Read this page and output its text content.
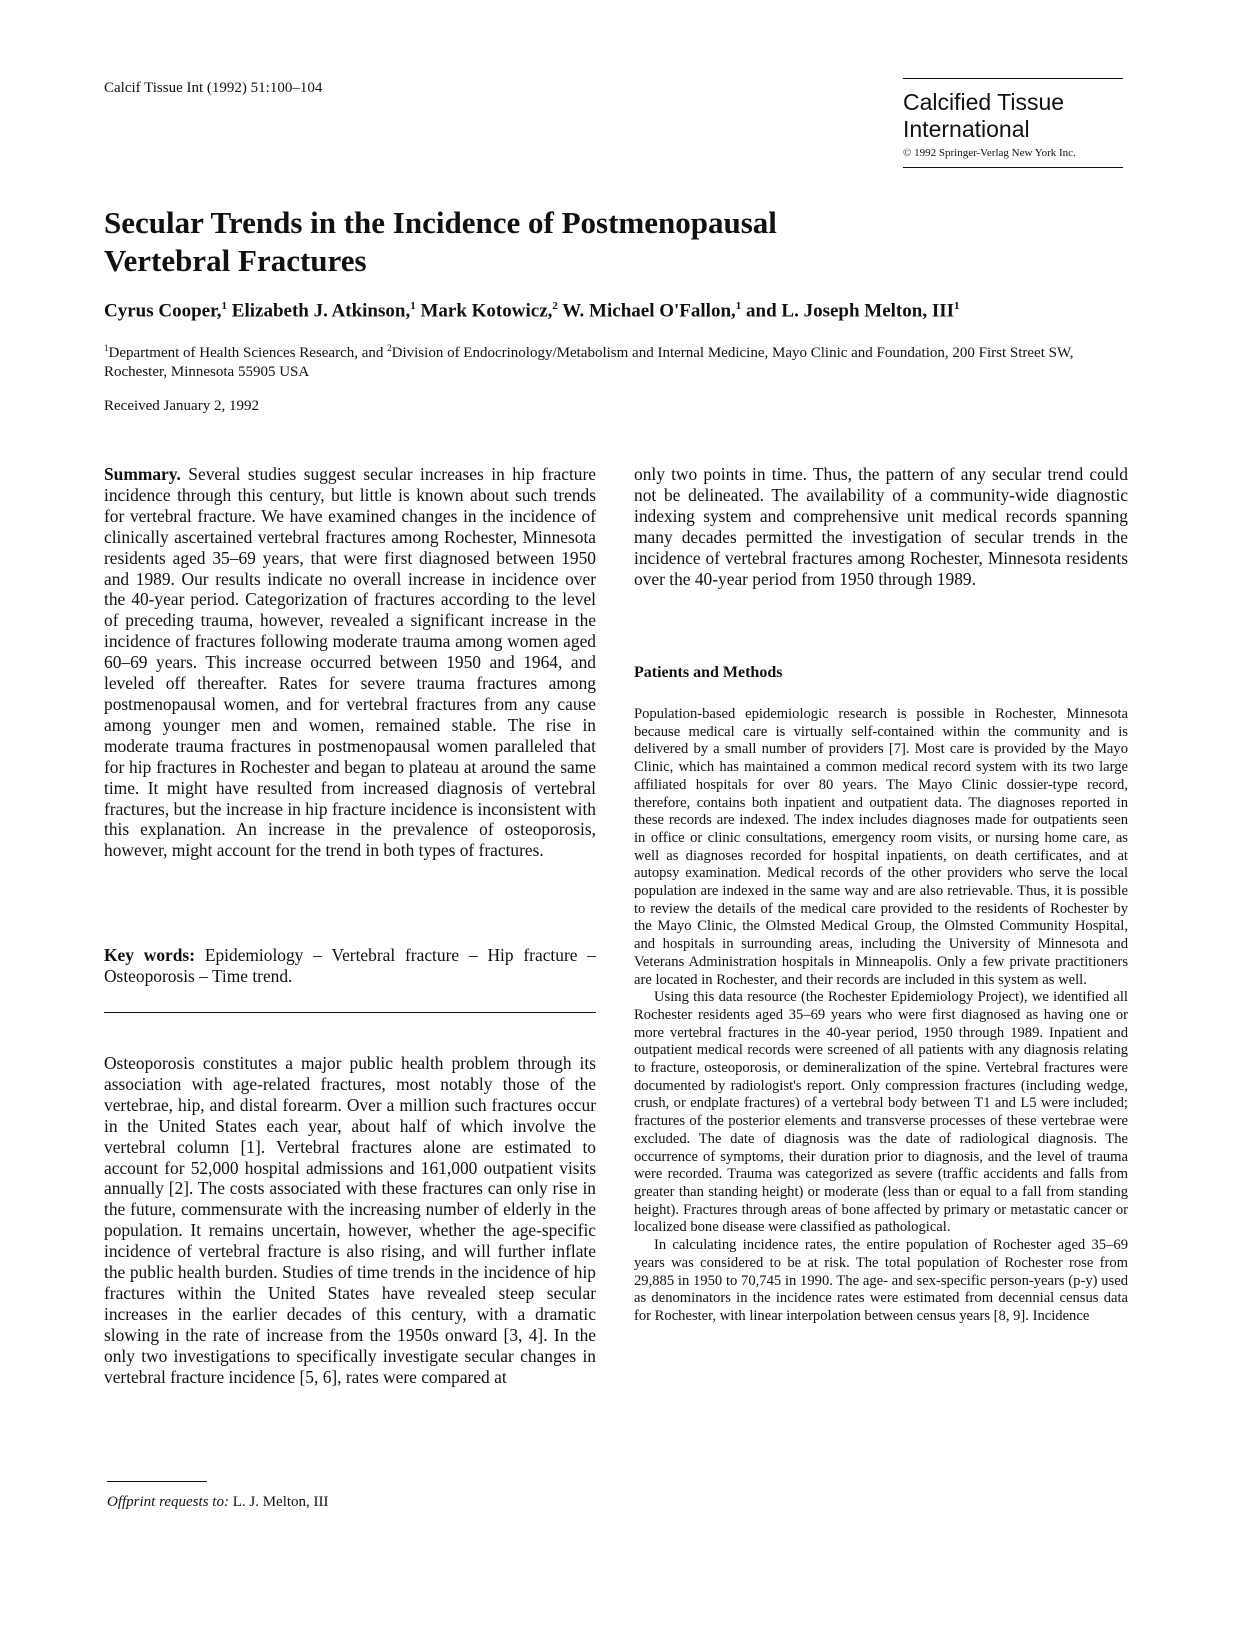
Calcif Tissue Int (1992) 51:100–104
Calcified Tissue
International
© 1992 Springer-Verlag New York Inc.
Secular Trends in the Incidence of Postmenopausal
Vertebral Fractures
Cyrus Cooper,$^1$ Elizabeth J. Atkinson,$^1$ Mark Kotowicz,$^2$ W. Michael O'Fallon,$^1$ and L. Joseph Melton, III$^1$
$^1$Department of Health Sciences Research, and $^2$Division of Endocrinology/Metabolism and Internal Medicine, Mayo Clinic and Foundation, 200 First Street SW, Rochester, Minnesota 55905 USA
Received January 2, 1992
Summary. Several studies suggest secular increases in hip fracture incidence through this century, but little is known about such trends for vertebral fracture. We have examined changes in the incidence of clinically ascertained vertebral fractures among Rochester, Minnesota residents aged 35–69 years, that were first diagnosed between 1950 and 1989. Our results indicate no overall increase in incidence over the 40-year period. Categorization of fractures according to the level of preceding trauma, however, revealed a significant increase in the incidence of fractures following moderate trauma among women aged 60–69 years. This increase occurred between 1950 and 1964, and leveled off thereafter. Rates for severe trauma fractures among postmenopausal women, and for vertebral fractures from any cause among younger men and women, remained stable. The rise in moderate trauma fractures in postmenopausal women paralleled that for hip fractures in Rochester and began to plateau at around the same time. It might have resulted from increased diagnosis of vertebral fractures, but the increase in hip fracture incidence is inconsistent with this explanation. An increase in the prevalence of osteoporosis, however, might account for the trend in both types of fractures.
Key words: Epidemiology – Vertebral fracture – Hip fracture – Osteoporosis – Time trend.
Osteoporosis constitutes a major public health problem through its association with age-related fractures, most notably those of the vertebrae, hip, and distal forearm. Over a million such fractures occur in the United States each year, about half of which involve the vertebral column [1]. Vertebral fractures alone are estimated to account for 52,000 hospital admissions and 161,000 outpatient visits annually [2]. The costs associated with these fractures can only rise in the future, commensurate with the increasing number of elderly in the population. It remains uncertain, however, whether the age-specific incidence of vertebral fracture is also rising, and will further inflate the public health burden. Studies of time trends in the incidence of hip fractures within the United States have revealed steep secular increases in the earlier decades of this century, with a dramatic slowing in the rate of increase from the 1950s onward [3, 4]. In the only two investigations to specifically investigate secular changes in vertebral fracture incidence [5, 6], rates were compared at
Offprint requests to: L. J. Melton, III
only two points in time. Thus, the pattern of any secular trend could not be delineated. The availability of a community-wide diagnostic indexing system and comprehensive unit medical records spanning many decades permitted the investigation of secular trends in the incidence of vertebral fractures among Rochester, Minnesota residents over the 40-year period from 1950 through 1989.
Patients and Methods

Population-based epidemiologic research is possible in Rochester, Minnesota because medical care is virtually self-contained within the community and is delivered by a small number of providers [7]. Most care is provided by the Mayo Clinic, which has maintained a common medical record system with its two large affiliated hospitals for over 80 years. The Mayo Clinic dossier-type record, therefore, contains both inpatient and outpatient data. The diagnoses reported in these records are indexed. The index includes diagnoses made for outpatients seen in office or clinic consultations, emergency room visits, or nursing home care, as well as diagnoses recorded for hospital inpatients, on death certificates, and at autopsy examination. Medical records of the other providers who serve the local population are indexed in the same way and are also retrievable. Thus, it is possible to review the details of the medical care provided to the residents of Rochester by the Mayo Clinic, the Olmsted Medical Group, the Olmsted Community Hospital, and hospitals in surrounding areas, including the University of Minnesota and Veterans Administration hospitals in Minneapolis. Only a few private practitioners are located in Rochester, and their records are included in this system as well.

Using this data resource (the Rochester Epidemiology Project), we identified all Rochester residents aged 35–69 years who were first diagnosed as having one or more vertebral fractures in the 40-year period, 1950 through 1989. Inpatient and outpatient medical records were screened of all patients with any diagnosis relating to fracture, osteoporosis, or demineralization of the spine. Vertebral fractures were documented by radiologist's report. Only compression fractures (including wedge, crush, or endplate fractures) of a vertebral body between T1 and L5 were included; fractures of the posterior elements and transverse processes of these vertebrae were excluded. The date of diagnosis was the date of radiological diagnosis. The occurrence of symptoms, their duration prior to diagnosis, and the level of trauma were recorded. Trauma was categorized as severe (traffic accidents and falls from greater than standing height) or moderate (less than or equal to a fall from standing height). Fractures through areas of bone affected by primary or metastatic cancer or localized bone disease were classified as pathological.

In calculating incidence rates, the entire population of Rochester aged 35–69 years was considered to be at risk. The total population of Rochester rose from 29,885 in 1950 to 70,745 in 1990. The age- and sex-specific person-years (p-y) used as denominators in the incidence rates were estimated from decennial census data for Rochester, with linear interpolation between census years [8, 9]. Incidence
